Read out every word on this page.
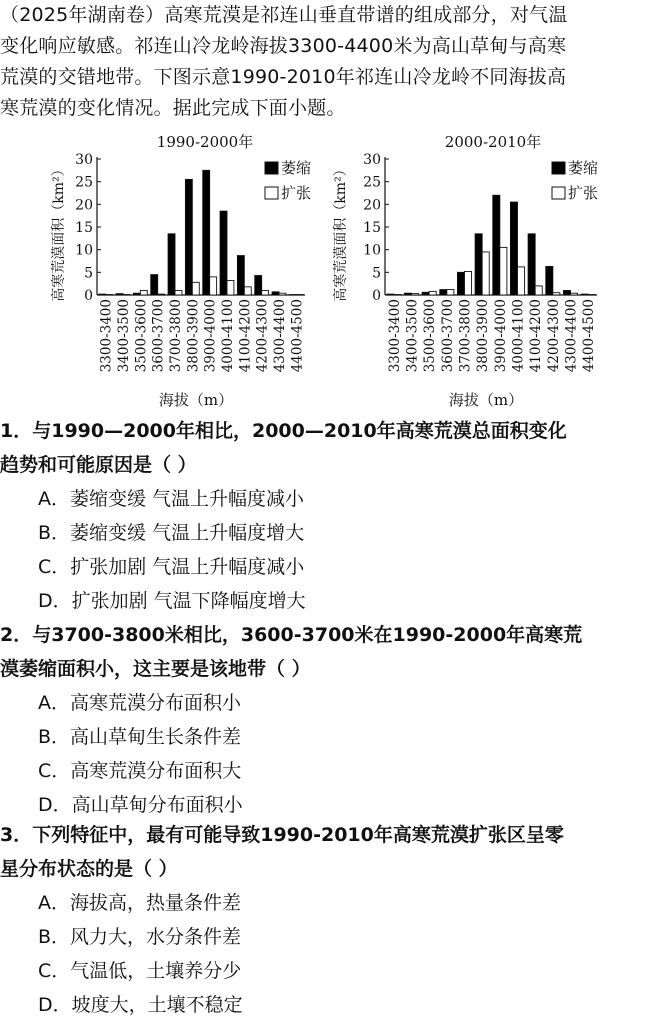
（2025年湖南卷）高寒荒漠是祁连山垂直带谱的组成部分，对气温
变化响应敏感。祁连山冷龙岭海拔3300-4400米为高山草甸与高寒
荒漠的交错地带。下图示意1990-2010年祁连山冷龙岭不同海拔高
寒荒漠的变化情况。据此完成下面小题。
1990-2000年
0
5
10
15
20
25
30
高寒荒漠面积（km²）
3300-3400 3400-3500 3500-3600 3600-3700 3700-3800 3800-3900 3900-4000 4000-4100 4100-4200 4200-4300 4300-4400 4400-4500
海拔（m）
萎缩
扩张
2000-2010年
0
5
10
15
20
25
30
高寒荒漠面积（km²）
3300-3400 3400-3500 3500-3600 3600-3700 3700-3800 3800-3900 3900-4000 4000-4100 4100-4200 4200-4300 4300-4400 4400-4500
海拔（m）
萎缩
扩张
1．与1990—2000年相比，2000—2010年高寒荒漠总面积变化
趋势和可能原因是（ ）
A．萎缩变缓 气温上升幅度减小
B．萎缩变缓 气温上升幅度增大
C．扩张加剧 气温上升幅度减小
D．扩张加剧 气温下降幅度增大
2．与3700-3800米相比，3600-3700米在1990-2000年高寒荒
漠萎缩面积小，这主要是该地带（ ）
A．高寒荒漠分布面积小
B．高山草甸生长条件差
C．高寒荒漠分布面积大
D．高山草甸分布面积小
3．下列特征中，最有可能导致1990-2010年高寒荒漠扩张区呈零
星分布状态的是（ ）
A．海拔高，热量条件差
B．风力大，水分条件差
C．气温低，土壤养分少
D．坡度大，土壤不稳定
